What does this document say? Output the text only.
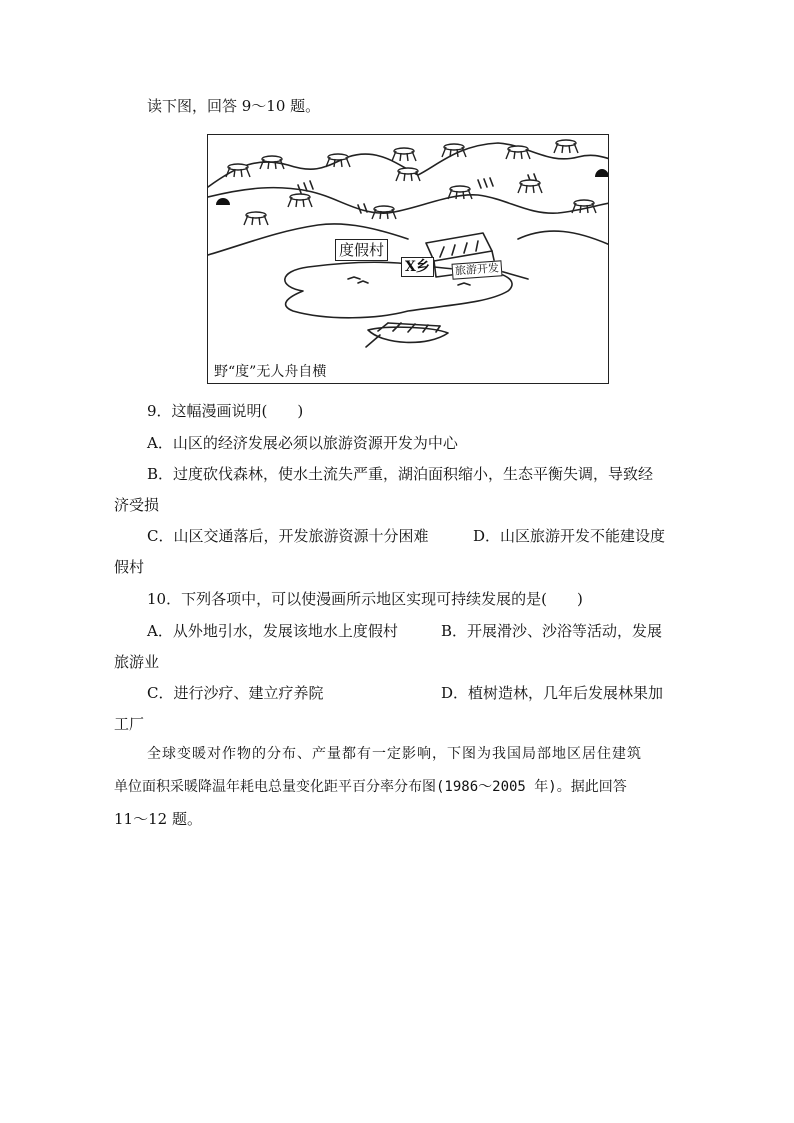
读下图，回答 9～10 题。
度假村
X乡	旅游开发
野“度”无人舟自横
9．这幅漫画说明(　　)
A．山区的经济发展必须以旅游资源开发为中心
B．过度砍伐森林，使水土流失严重，湖泊面积缩小，生态平衡失调，导致经
济受损
C．山区交通落后，开发旅游资源十分困难	D．山区旅游开发不能建设度
假村
10．下列各项中，可以使漫画所示地区实现可持续发展的是(　　)
A．从外地引水，发展该地水上度假村	B．开展滑沙、沙浴等活动，发展
旅游业
C．进行沙疗、建立疗养院	D．植树造林，几年后发展林果加
工厂
全球变暖对作物的分布、产量都有一定影响，下图为我国局部地区居住建筑
单位面积采暖降温年耗电总量变化距平百分率分布图(1986～2005 年)。据此回答
11～12 题。
